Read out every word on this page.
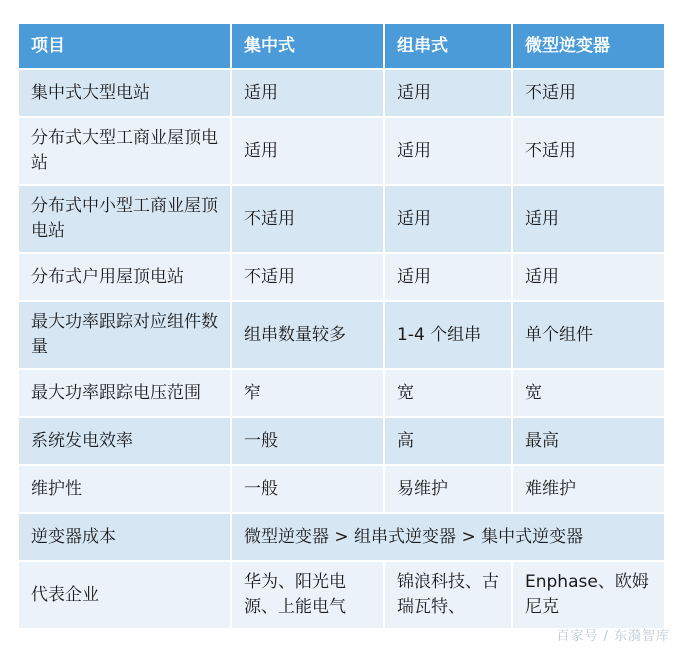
项目	集中式	组串式	微型逆变器
集中式大型电站	适用	适用	不适用
分布式大型工商业屋顶电站	适用	适用	不适用
分布式中小型工商业屋顶电站	不适用	适用	适用
分布式户用屋顶电站	不适用	适用	适用
最大功率跟踪对应组件数量	组串数量较多	1-4 个组串	单个组件
最大功率跟踪电压范围	窄	宽	宽
系统发电效率	一般	高	最高
维护性	一般	易维护	难维护
逆变器成本	微型逆变器 > 组串式逆变器 > 集中式逆变器		
代表企业	华为、阳光电源、上能电气	锦浪科技、古瑞瓦特、	Enphase、欧姆尼克
百家号 / 东漪智库
